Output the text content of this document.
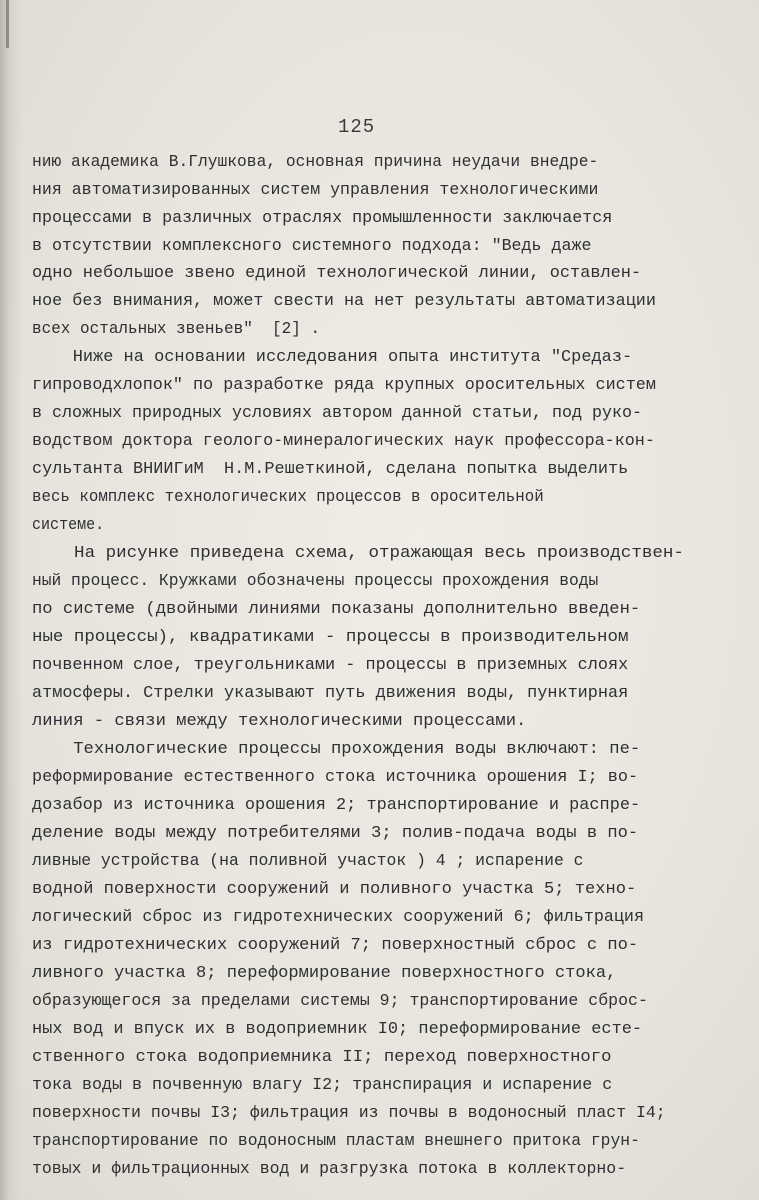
125
нию академика В.Глушкова, основная причина неудачи внедре-
ния автоматизированных систем управления технологическими
процессами в различных отраслях промышленности заключается
в отсутствии комплексного системного подхода: "Ведь даже
одно небольшое звено единой технологической линии, оставлен-
ное без внимания, может свести на нет результаты автоматизации
всех остальных звеньев"  [2] .
Ниже на основании исследования опыта института "Средаз-
гипроводхлопок" по разработке ряда крупных оросительных систем
в сложных природных условиях автором данной статьи, под руко-
водством доктора геолого-минералогических наук профессора-кон-
сультанта ВНИИГиМ  Н.М.Решеткиной, сделана попытка выделить
весь комплекс технологических процессов в оросительной
системе.
На рисунке приведена схема, отражающая весь производствен-
ный процесс. Кружками обозначены процессы прохождения воды
по системе (двойными линиями показаны дополнительно введен-
ные процессы), квадратиками - процессы в производительном
почвенном слое, треугольниками - процессы в приземных слоях
атмосферы. Стрелки указывают путь движения воды, пунктирная
линия - связи между технологическими процессами.
Технологические процессы прохождения воды включают: пе-
реформирование естественного стока источника орошения I; во-
дозабор из источника орошения 2; транспортирование и распре-
деление воды между потребителями 3; полив-подача воды в по-
ливные устройства (на поливной участок ) 4 ; испарение с
водной поверхности сооружений и поливного участка 5; техно-
логический сброс из гидротехнических сооружений 6; фильтрация
из гидротехнических сооружений 7; поверхностный сброс с по-
ливного участка 8; переформирование поверхностного стока,
образующегося за пределами системы 9; транспортирование сброс-
ных вод и впуск их в водоприемник I0; переформирование есте-
ственного стока водоприемника II; переход поверхностного
тока воды в почвенную влагу I2; транспирация и испарение с
поверхности почвы I3; фильтрация из почвы в водоносный пласт I4;
транспортирование по водоносным пластам внешнего притока грун-
товых и фильтрационных вод и разгрузка потока в коллекторно-
